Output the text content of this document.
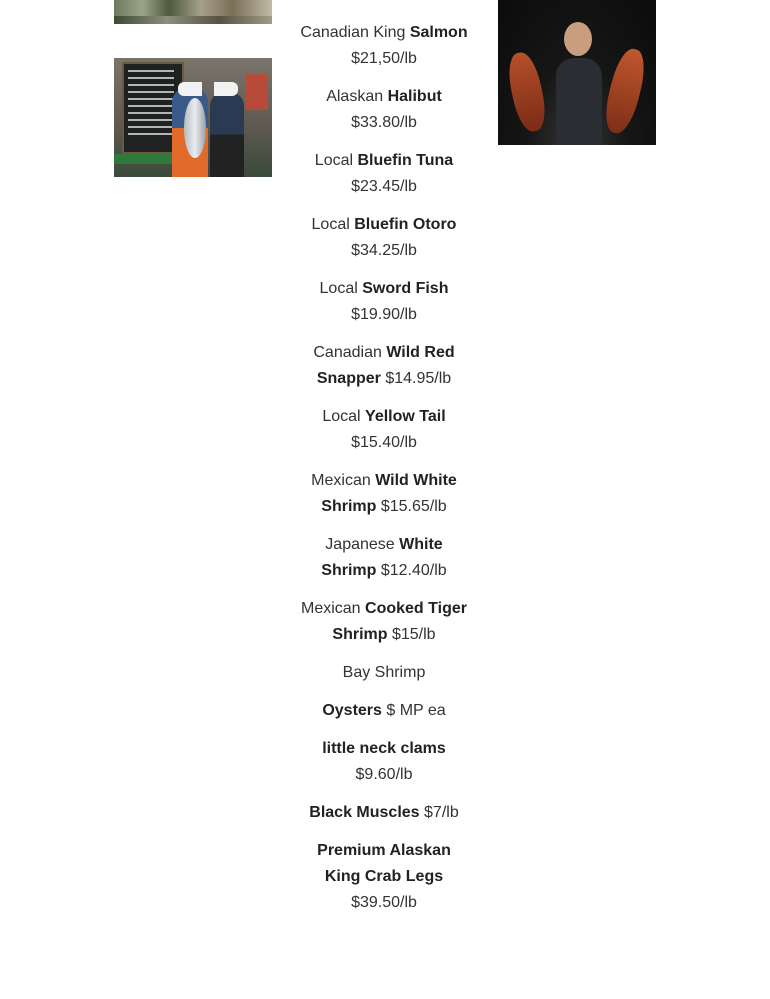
Canadian King Salmon $21,50/lb

Alaskan Halibut $33.80/lb

Local Bluefin Tuna $23.45/lb

Local Bluefin Otoro $34.25/lb

Local Sword Fish $19.90/lb

Canadian Wild Red Snapper $14.95/lb

Local Yellow Tail $15.40/lb

Mexican Wild White Shrimp $15.65/lb

Japanese White Shrimp $12.40/lb

Mexican Cooked Tiger Shrimp $15/lb

Bay Shrimp

Oysters $ MP ea

little neck clams $9.60/lb

Black Muscles $7/lb

Premium Alaskan King Crab Legs $39.50/lb
